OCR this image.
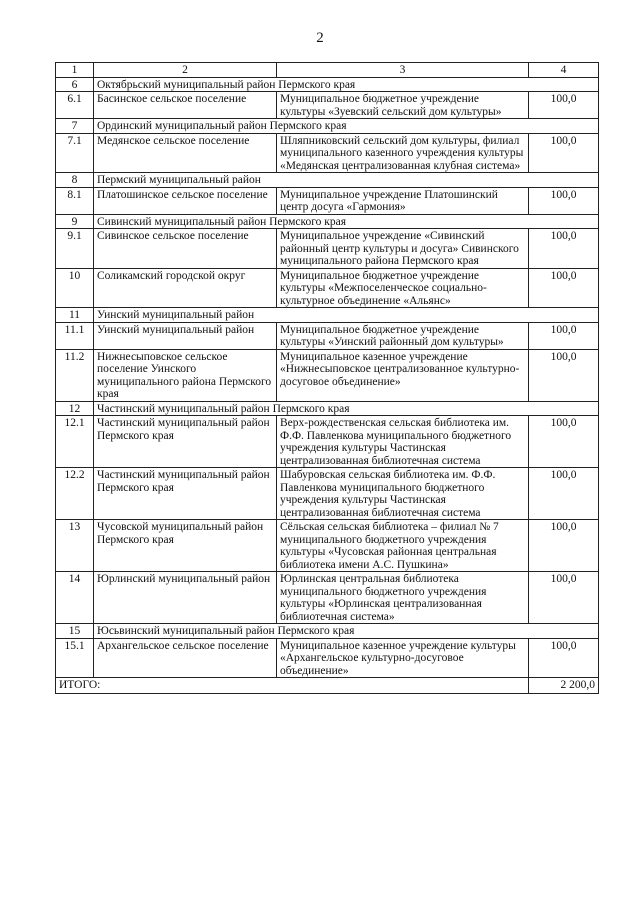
2
1	2	3	4
6	Октябрьский муниципальный район Пермского края		
6.1	Басинское сельское поселение	Муниципальное бюджетное учреждение культуры «Зуевский сельский дом культуры»	100,0
7	Ординский муниципальный район Пермского края		
7.1	Медянское сельское поселение	Шляпниковский сельский дом культуры, филиал муниципального казенного учреждения культуры «Медянская централизованная клубная система»	100,0
8	Пермский муниципальный район		
8.1	Платошинское сельское поселение	Муниципальное учреждение Платошинский центр досуга «Гармония»	100,0
9	Сивинский муниципальный район Пермского края		
9.1	Сивинское сельское поселение	Муниципальное учреждение «Сивинский районный центр культуры и досуга» Сивинского муниципального района Пермского края	100,0
10	Соликамский городской округ	Муниципальное бюджетное учреждение культуры «Межпоселенческое социально-культурное объединение «Альянс»	100,0
11	Уинский муниципальный район		
11.1	Уинский муниципальный район	Муниципальное бюджетное учреждение культуры «Уинский районный дом культуры»	100,0
11.2	Нижнесыповское сельское поселение Уинского муниципального района Пермского края	Муниципальное казенное учреждение «Нижнесыповское централизованное культурно-досуговое объединение»	100,0
12	Частинский муниципальный район Пермского края		
12.1	Частинский муниципальный район Пермского края	Верх-рождественская сельская библиотека им. Ф.Ф. Павленкова муниципального бюджетного учреждения культуры Частинская централизованная библиотечная система	100,0
12.2	Частинский муниципальный район Пермского края	Шабуровская сельская библиотека им. Ф.Ф. Павленкова муниципального бюджетного учреждения культуры Частинская централизованная библиотечная система	100,0
13	Чусовской муниципальный район Пермского края	Сёльская сельская библиотека – филиал № 7 муниципального бюджетного учреждения культуры «Чусовская районная центральная библиотека имени А.С. Пушкина»	100,0
14	Юрлинский муниципальный район	Юрлинская центральная библиотека муниципального бюджетного учреждения культуры «Юрлинская централизованная библиотечная система»	100,0
15	Юсьвинский муниципальный район Пермского края		
15.1	Архангельское сельское поселение	Муниципальное казенное учреждение культуры «Архангельское культурно-досуговое объединение»	100,0
ИТОГО:			2 200,0
